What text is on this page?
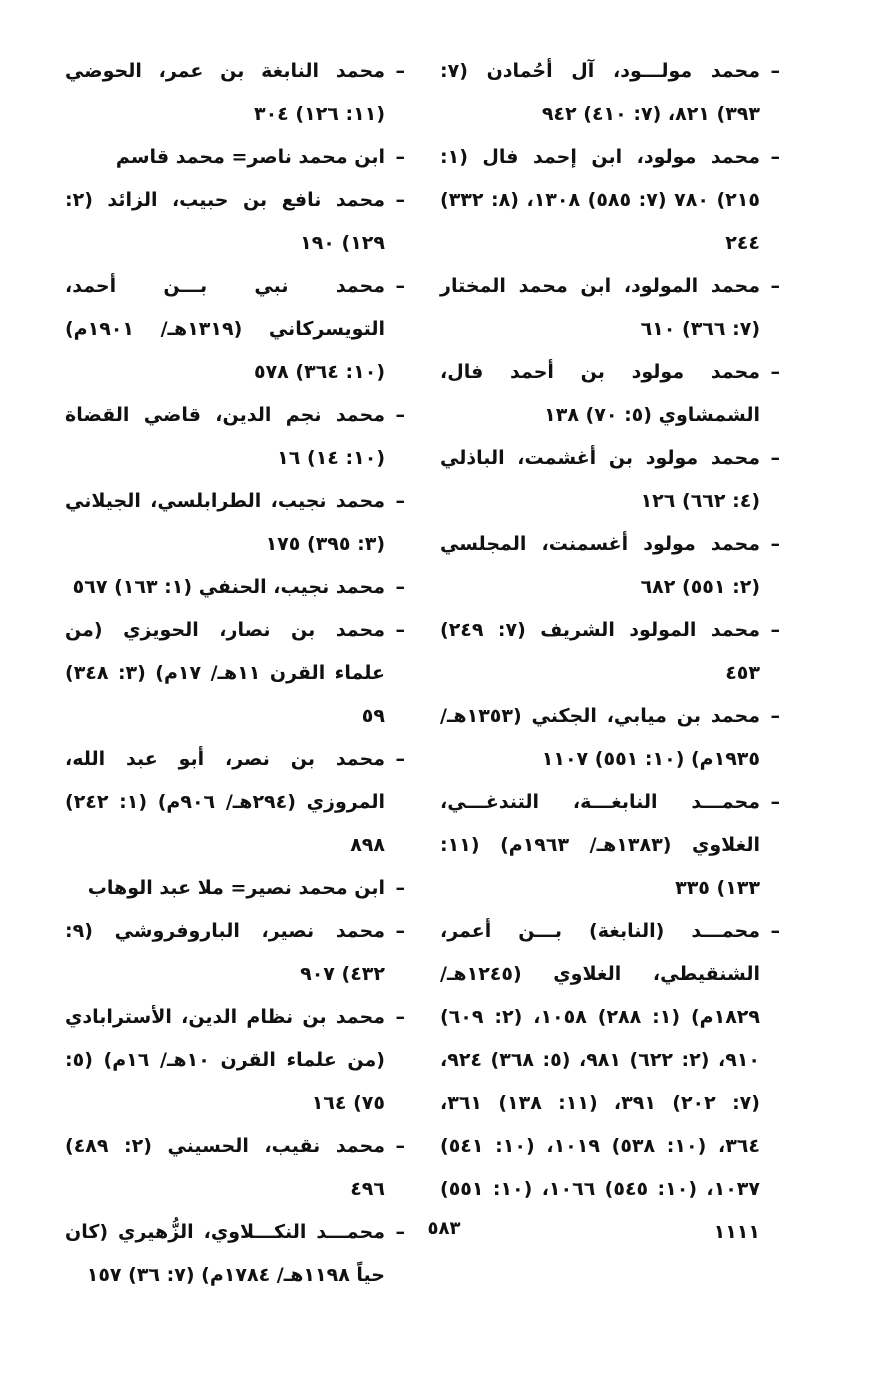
– محمد مولـــود، آل أحُمادن (٧: ٣٩٣) ٨٢١، (٧: ٤١٠) ٩٤٢
– محمد مولود، ابن إحمد فال (١: ٢١٥) ٧٨٠ (٧: ٥٨٥) ١٣٠٨، (٨: ٣٣٢) ٢٤٤
– محمد المولود، ابن محمد المختار (٧: ٣٦٦) ٦١٠
– محمد مولود بن أحمد فال، الشمشاوي (٥: ٧٠) ١٣٨
– محمد مولود بن أغشمت، الباذلي (٤: ٦٦٢) ١٢٦
– محمد مولود أغسمنت، المجلسي (٢: ٥٥١) ٦٨٢
– محمد المولود الشريف (٧: ٢٤٩) ٤٥٣
– محمد بن ميابي، الجكني (١٣٥٣هـ/ ١٩٣٥م) (١٠: ٥٥١) ١١٠٧
– محمـــد النابغـــة، التندغـــي، الغلاوي (١٣٨٣هـ/ ١٩٦٣م) (١١: ١٣٣) ٣٣٥
– محمـــد (النابغة) بـــن أعمر، الشنقيطي، الغلاوي (١٢٤٥هـ/ ١٨٢٩م) (١: ٢٨٨) ١٠٥٨، (٢: ٦٠٩) ٩١٠، (٢: ٦٢٢) ٩٨١، (٥: ٣٦٨) ٩٢٤، (٧: ٢٠٢) ٣٩١، (١١: ١٣٨) ٣٦١، ٣٦٤، (١٠: ٥٣٨) ١٠١٩، (١٠: ٥٤١) ١٠٣٧، (١٠: ٥٤٥) ١٠٦٦، (١٠: ٥٥١) ١١١١
– محمد النابغة بن عمر، الحوضي (١١: ١٢٦) ٣٠٤
– ابن محمد ناصر= محمد قاسم
– محمد نافع بن حبيب، الزائد (٢: ١٢٩) ١٩٠
– محمد نبي بـــن أحمد، التويسركاني (١٣١٩هـ/ ١٩٠١م) (١٠: ٣٦٤) ٥٧٨
– محمد نجم الدين، قاضي القضاة (١٠: ١٤) ١٦
– محمد نجيب، الطرابلسي، الجيلاني (٣: ٣٩٥) ١٧٥
– محمد نجيب، الحنفي (١: ١٦٣) ٥٦٧
– محمد بن نصار، الحويزي (من علماء القرن ١١هـ/ ١٧م) (٣: ٣٤٨) ٥٩
– محمد بن نصر، أبو عبد الله، المروزي (٢٩٤هـ/ ٩٠٦م) (١: ٢٤٢) ٨٩٨
– ابن محمد نصير= ملا عبد الوهاب
– محمد نصير، الباروفروشي (٩: ٤٣٢) ٩٠٧
– محمد بن نظام الدين، الأسترابادي (من علماء القرن ١٠هـ/ ١٦م) (٥: ٧٥) ١٦٤
– محمد نقيب، الحسيني (٢: ٤٨٩) ٤٩٦
– محمـــد النكـــلاوي، الزُّهيري (كان حياً ١١٩٨هـ/ ١٧٨٤م) (٧: ٣٦) ١٥٧
٥٨٣
